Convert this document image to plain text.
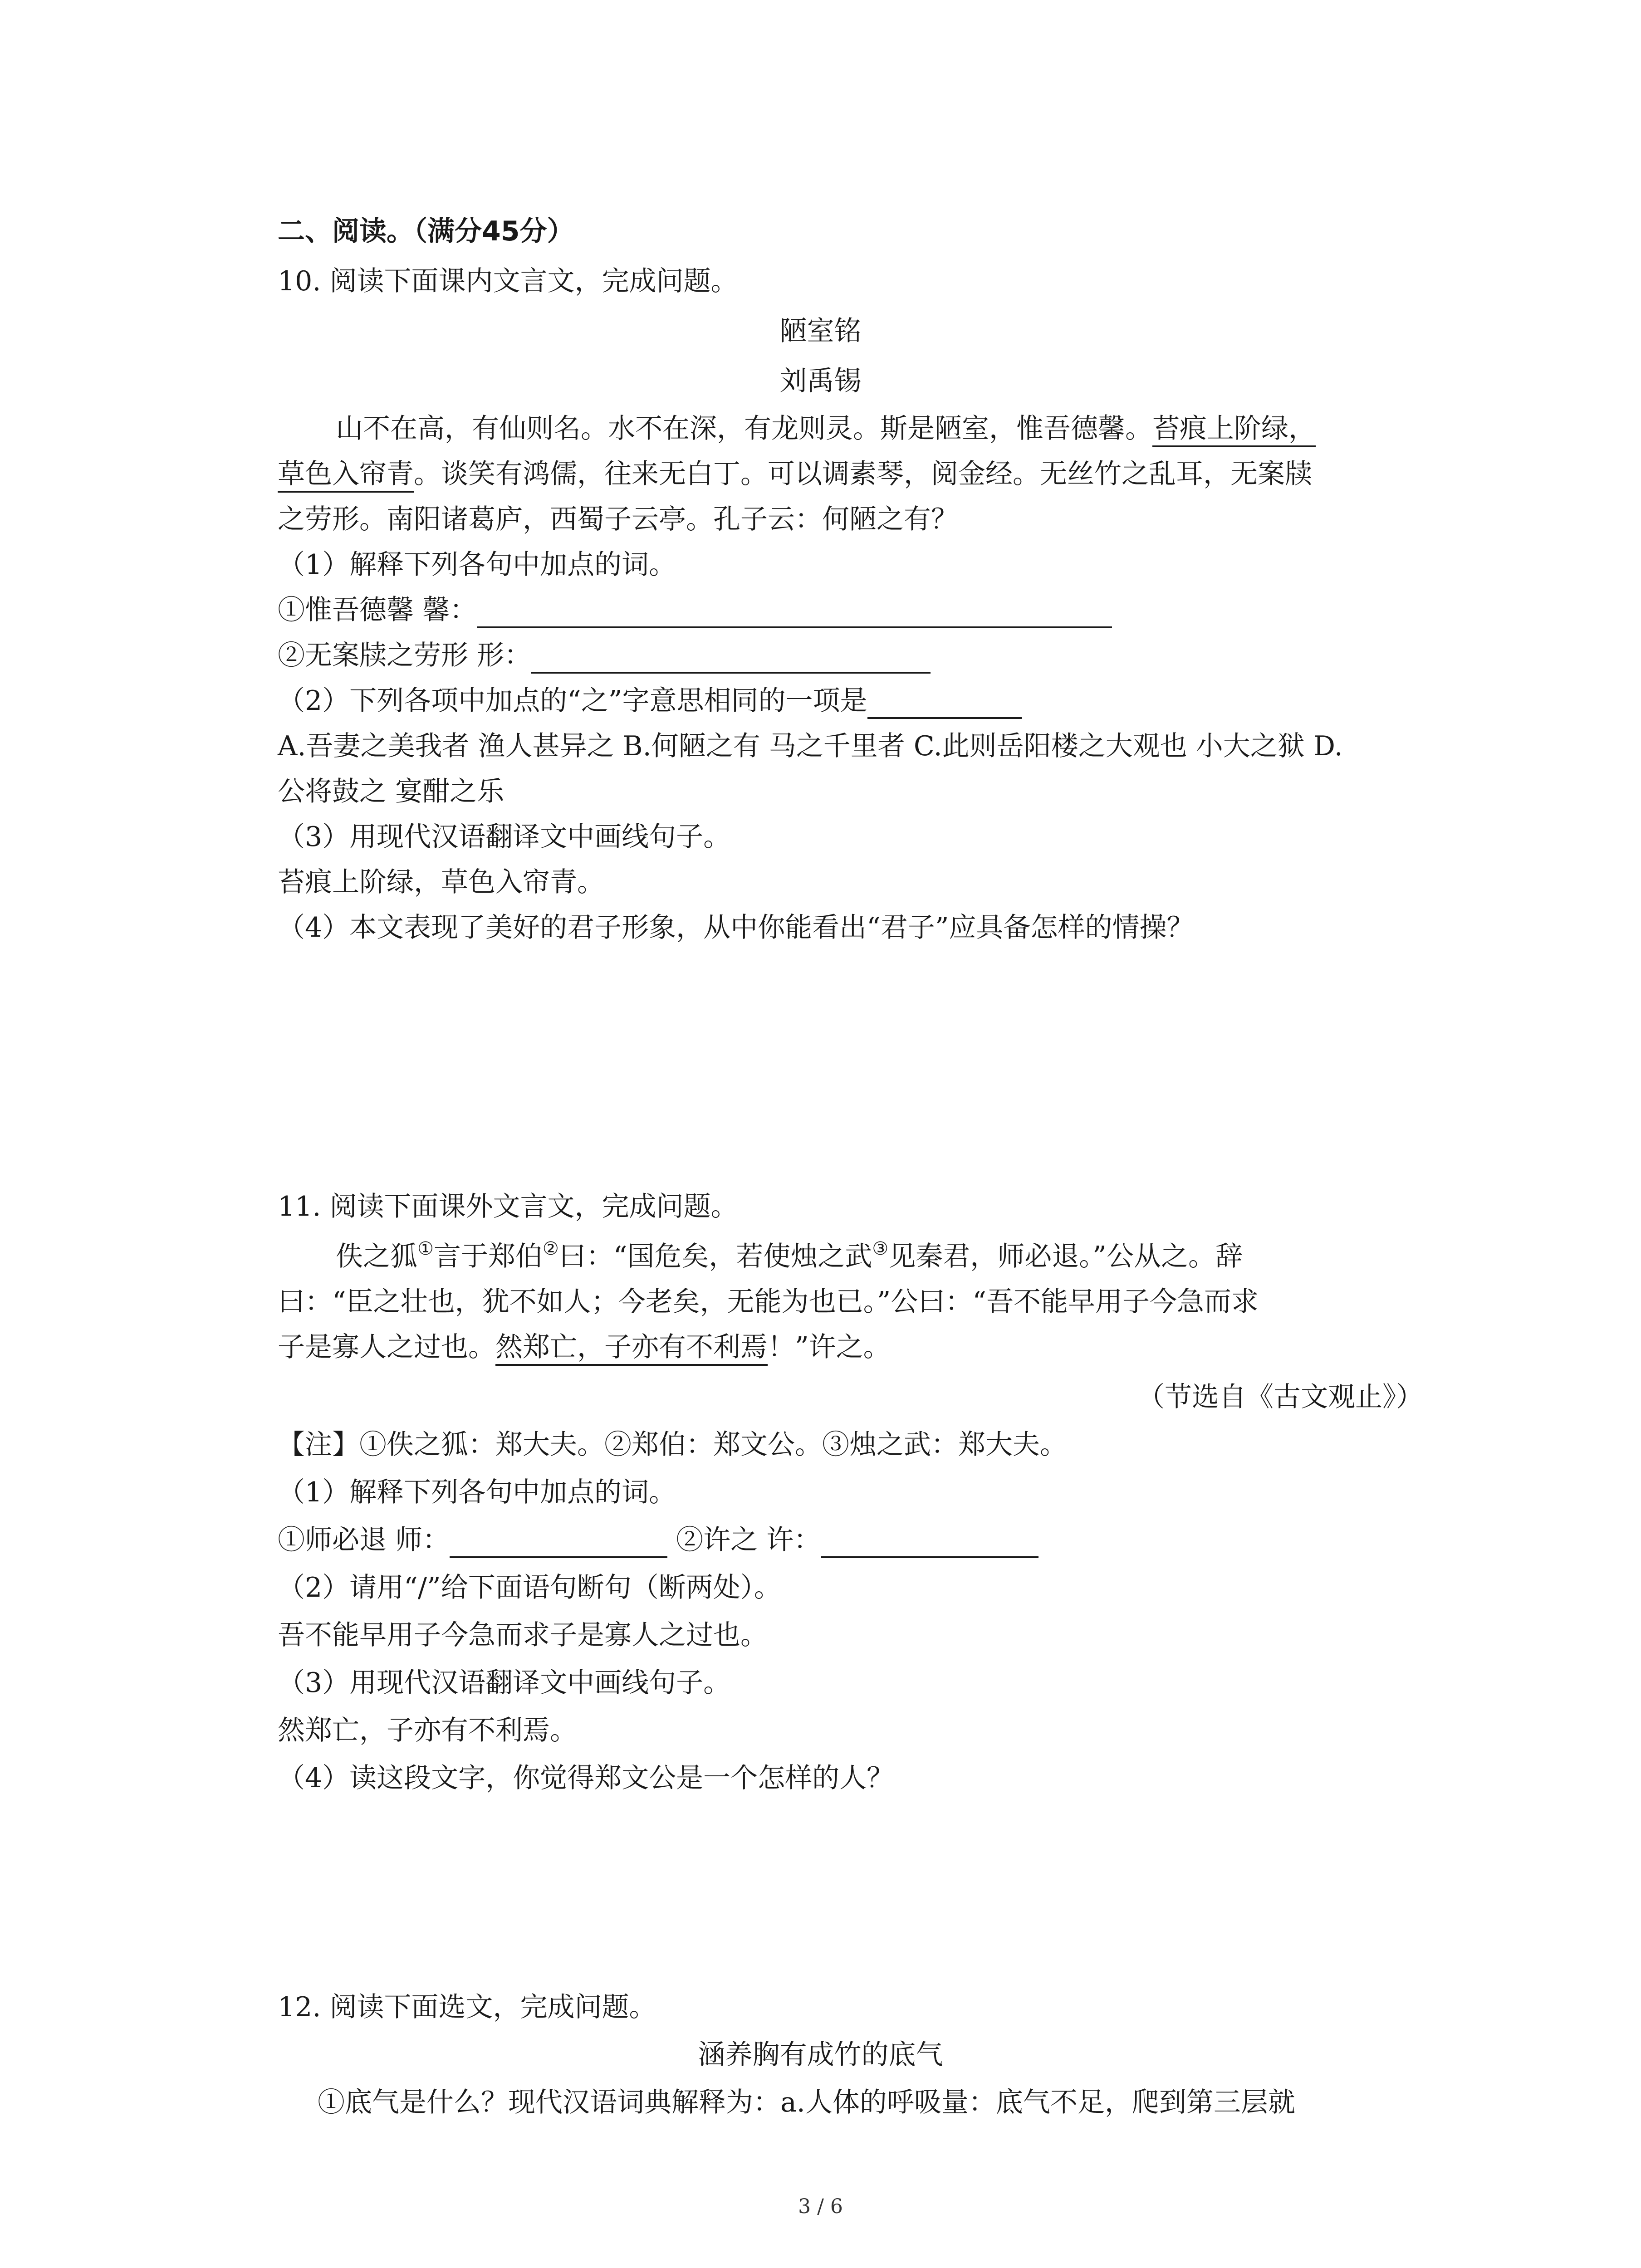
二、阅读。（满分45分）
10. 阅读下面课内文言文，完成问题。
陋室铭
刘禹锡
山不在高，有仙则名。水不在深，有龙则灵。斯是陋室，惟吾德馨。苔痕上阶绿，
草色入帘青。谈笑有鸿儒，往来无白丁。可以调素琴，阅金经。无丝竹之乱耳，无案牍
之劳形。南阳诸葛庐，西蜀子云亭。孔子云：何陋之有？
（1）解释下列各句中加点的词。
①惟吾德馨 馨：
②无案牍之劳形 形：
（2）下列各项中加点的“之”字意思相同的一项是
A.吾妻之美我者 渔人甚异之 B.何陋之有 马之千里者 C.此则岳阳楼之大观也 小大之狱 D.
公将鼓之 宴酣之乐
（3）用现代汉语翻译文中画线句子。
苔痕上阶绿，草色入帘青。
（4）本文表现了美好的君子形象，从中你能看出“君子”应具备怎样的情操？
11. 阅读下面课外文言文，完成问题。
佚之狐①言于郑伯②曰：“国危矣，若使烛之武③见秦君，师必退。”公从之。辞
曰：“臣之壮也，犹不如人；今老矣，无能为也已。”公曰：“吾不能早用子今急而求
子是寡人之过也。然郑亡，子亦有不利焉！”许之。
（节选自《古文观止》）
【注】①佚之狐：郑大夫。②郑伯：郑文公。③烛之武：郑大夫。
（1）解释下列各句中加点的词。
①师必退 师：	②许之 许：
（2）请用“/”给下面语句断句（断两处）。
吾不能早用子今急而求子是寡人之过也。
（3）用现代汉语翻译文中画线句子。
然郑亡，子亦有不利焉。
（4）读这段文字，你觉得郑文公是一个怎样的人？
12. 阅读下面选文，完成问题。
涵养胸有成竹的底气
①底气是什么？现代汉语词典解释为：a.人体的呼吸量：底气不足，爬到第三层就
3 / 6
